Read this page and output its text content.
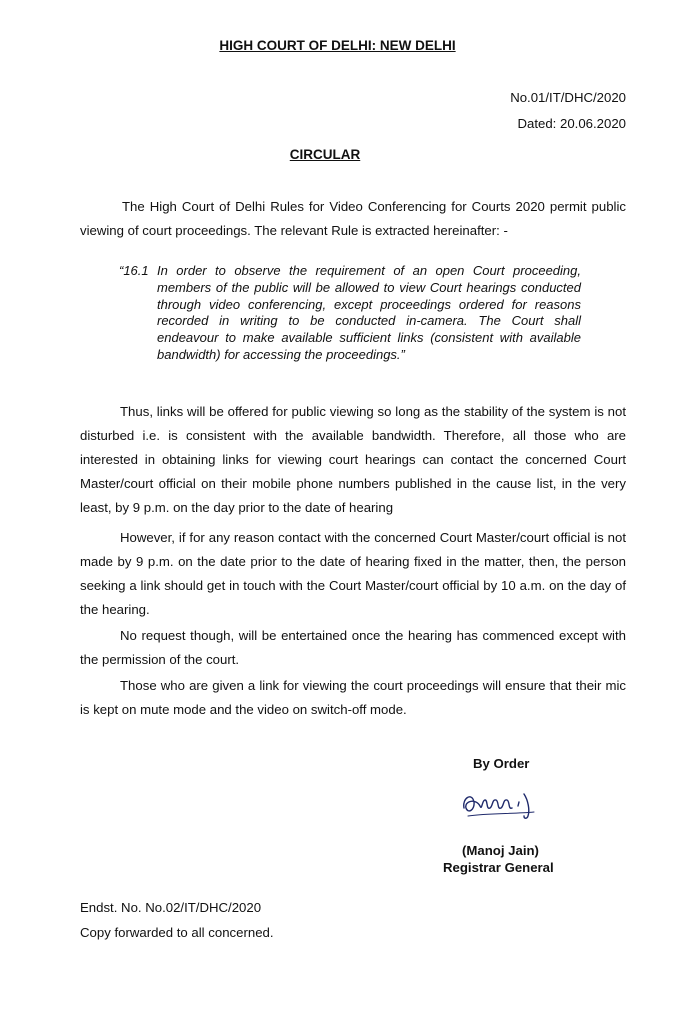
HIGH COURT OF DELHI: NEW DELHI
No.01/IT/DHC/2020
Dated: 20.06.2020
CIRCULAR

The High Court of Delhi Rules for Video Conferencing for Courts 2020 permit public viewing of court proceedings. The relevant Rule is extracted hereinafter: -

“16.1 In order to observe the requirement of an open Court proceeding, members of the public will be allowed to view Court hearings conducted through video conferencing, except proceedings ordered for reasons recorded in writing to be conducted in-camera. The Court shall endeavour to make available sufficient links (consistent with available bandwidth) for accessing the proceedings.”

Thus, links will be offered for public viewing so long as the stability of the system is not disturbed i.e. is consistent with the available bandwidth. Therefore, all those who are interested in obtaining links for viewing court hearings can contact the concerned Court Master/court official on their mobile phone numbers published in the cause list, in the very least, by 9 p.m. on the day prior to the date of hearing

However, if for any reason contact with the concerned Court Master/court official is not made by 9 p.m. on the date prior to the date of hearing fixed in the matter, then, the person seeking a link should get in touch with the Court Master/court official by 10 a.m. on the day of the hearing.

No request though, will be entertained once the hearing has commenced except with the permission of the court.

Those who are given a link for viewing the court proceedings will ensure that their mic is kept on mute mode and the video on switch-off mode.

By Order
(Manoj Jain)
Registrar General
Endst. No. No.02/IT/DHC/2020
Copy forwarded to all concerned.
